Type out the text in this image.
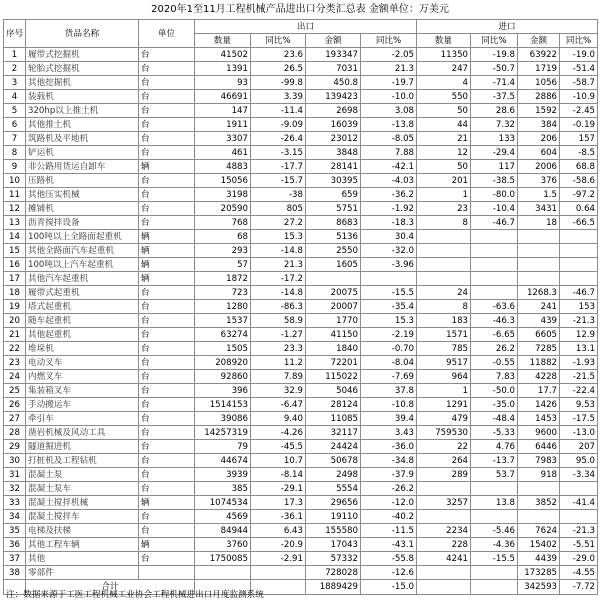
2020年1至11月工程机械产品进出口分类汇总表 金额单位：万美元
序号	货品名称	单位	出口				进口			
			数量	同比%	金额	同比%	数量	同比%	金额	同比%
1	履带式挖掘机	台	41502	23.6	193347	-2.05	11350	-19.8	63922	-19.0
2	轮胎式挖掘机	台	1391	26.5	7031	21.3	247	-50.7	1719	-51.4
3	其他挖掘机	台	93	-99.8	450.8	-19.7	4	-71.4	1056	-58.7
4	装载机	台	46691	3.39	139423	-10.0	550	-37.5	2886	-10.9
5	320hp以上推土机	台	147	-11.4	2698	3.08	50	28.6	1592	-2.45
6	其他推土机	台	1911	-9.09	16039	-13.8	44	7.32	384	-0.19
7	筑路机及平地机	台	3307	-26.4	23012	-8.05	21	133	206	157
8	铲运机	台	461	-3.15	3848	7.88	12	-29.4	604	-8.5
9	非公路用货运自卸车	辆	4883	-17.7	28141	-42.1	50	117	2006	68.8
10	压路机	台	15056	-15.7	30395	-4.03	201	-38.5	376	-58.6
11	其他压实机械	台	3198	-38	659	-36.2	1	-80.0	1.5	-97.2
12	摊铺机	台	20590	805	5751	-1.92	23	-10.4	3431	0.64
13	沥青搅拌设备	台	768	27.2	8683	-18.3	8	-46.7	18	-66.5
14	100吨以上全路面起重机	辆	68	15.3	5136	30.4				
15	其他全路面汽车起重机	辆	293	-14.8	2550	-32.0				
16	100吨以上汽车起重机	辆	57	21.3	1605	-3.96				
17	其他汽车起重机	辆	1872	-17.2						
18	履带式起重机	台	723	-14.8	20075	-15.5	24		1268.3	-46.7
19	塔式起重机	台	1280	-86.3	20007	-35.4	8	-63.6	241	153
20	随车起重机	台	1537	58.9	1770	15.3	183	-46.3	439	-21.3
21	其他起重机	台	63274	-1.27	41150	-2.19	1571	-6.65	6605	12.9
22	堆垛机	台	1505	23.3	1840	-0.70	785	26.2	7285	13.1
23	电动叉车	台	208920	11.2	72201	-8.04	9517	-0.55	11882	-1.93
24	内燃叉车	台	92860	7.89	115022	-7.69	964	7.83	4228	-21.5
25	集装箱叉车	台	396	32.9	5046	37.8	1	-50.0	17.7	-22.4
26	手动搬运车	台	1514153	-6.47	28124	-10.8	1291	-35.0	1426	9.53
27	牵引车	台	39086	9.40	11085	39.4	479	-48.4	1453	-17.5
28	凿岩机械及风动工具	台	14257319	-4.26	32117	3.43	759530	-5.33	9600	-13.0
29	隧道掘进机	台	79	-45.5	24424	-36.0	22	4.76	6446	207
30	打桩机及工程钻机	台	44674	10.7	50678	-34.8	264	-13.7	7983	95.0
31	混凝土泵	台	3939	-8.14	2498	-37.9	289	53.7	918	-3.34
32	混凝土泵车	台	385	-29.1	5554	-26.2				
33	混凝土搅拌机械	辆	1074534	17.3	29656	-12.0	3257	13.8	3852	-41.4
34	混凝土搅拌车	台	4569	-36.1	19110	-40.2				
35	电梯及扶梯	台	84944	6.43	155580	-11.5	2234	-5.46	7624	-21.3
36	其他工程车辆	辆	3760	-20.9	17043	-43.1	228	-4.36	15402	-5.51
37	其他	台	1750085	-2.91	57332	-55.8	4241	-15.5	4439	-29.0
38	零部件				728028	-12.6			173285	-4.55
	合计				1889429	-15.0			342593	-7.72
注：数据来源于工医工程机械工业协会工程机械进出口月度监测系统
